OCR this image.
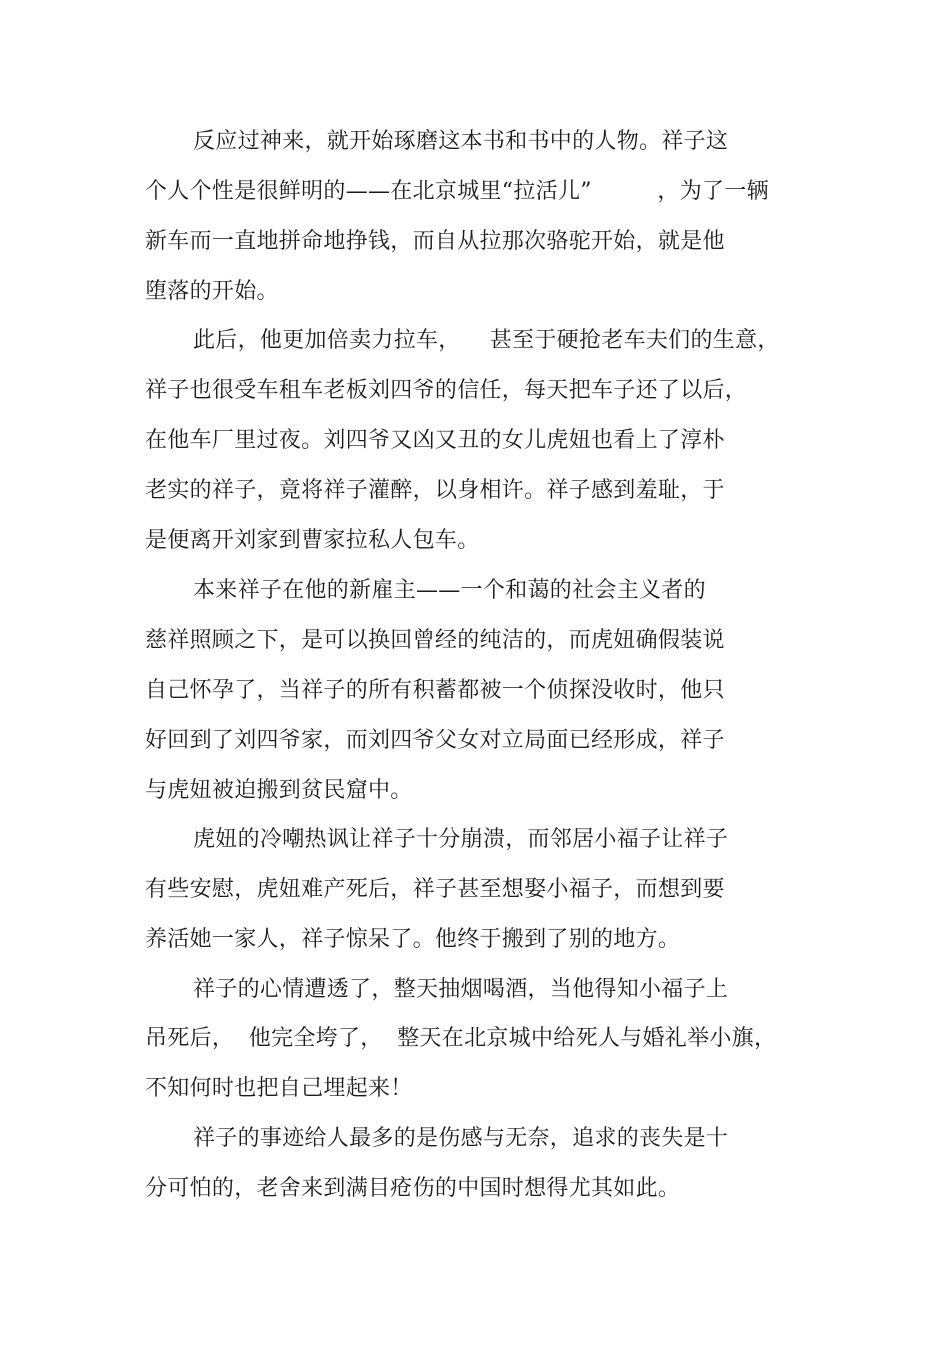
反应过神来，就开始琢磨这本书和书中的人物。祥子这
个人个性是很鲜明的——在北京城里“拉活儿”         ，为了一辆
新车而一直地拼命地挣钱，而自从拉那次骆驼开始，就是他
堕落的开始。
此后，他更加倍卖力拉车，    甚至于硬抢老车夫们的生意，
祥子也很受车租车老板刘四爷的信任，每天把车子还了以后，
在他车厂里过夜。刘四爷又凶又丑的女儿虎妞也看上了淳朴
老实的祥子，竟将祥子灌醉，以身相许。祥子感到羞耻，于
是便离开刘家到曹家拉私人包车。
本来祥子在他的新雇主——一个和蔼的社会主义者的
慈祥照顾之下，是可以换回曾经的纯洁的，而虎妞确假装说
自己怀孕了，当祥子的所有积蓄都被一个侦探没收时，他只
好回到了刘四爷家，而刘四爷父女对立局面已经形成，祥子
与虎妞被迫搬到贫民窟中。
虎妞的冷嘲热讽让祥子十分崩溃，而邻居小福子让祥子
有些安慰，虎妞难产死后，祥子甚至想娶小福子，而想到要
养活她一家人，祥子惊呆了。他终于搬到了别的地方。
祥子的心情遭透了，整天抽烟喝酒，当他得知小福子上
吊死后，  他完全垮了，  整天在北京城中给死人与婚礼举小旗，
不知何时也把自己埋起来！
祥子的事迹给人最多的是伤感与无奈，追求的丧失是十
分可怕的，老舍来到满目疮伤的中国时想得尤其如此。
